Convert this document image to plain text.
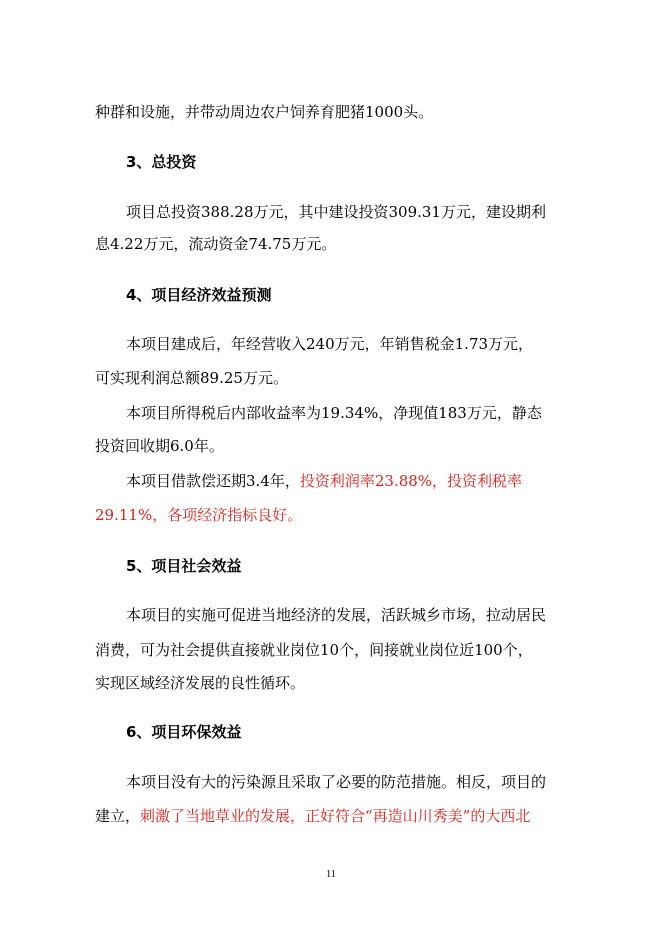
种群和设施，并带动周边农户饲养育肥猪1000头。
3、总投资
项目总投资388.28万元，其中建设投资309.31万元，建设期利
息4.22万元，流动资金74.75万元。
4、项目经济效益预测
本项目建成后，年经营收入240万元，年销售税金1.73万元，
可实现利润总额89.25万元。
本项目所得税后内部收益率为19.34%，净现值183万元，静态
投资回收期6.0年。
本项目借款偿还期3.4年，投资利润率23.88%，投资利税率
29.11%，各项经济指标良好。
5、项目社会效益
本项目的实施可促进当地经济的发展，活跃城乡市场，拉动居民
消费，可为社会提供直接就业岗位10个，间接就业岗位近100个，
实现区域经济发展的良性循环。
6、项目环保效益
本项目没有大的污染源且采取了必要的防范措施。相反，项目的
建立，刺激了当地草业的发展，正好符合“再造山川秀美”的大西北
11
